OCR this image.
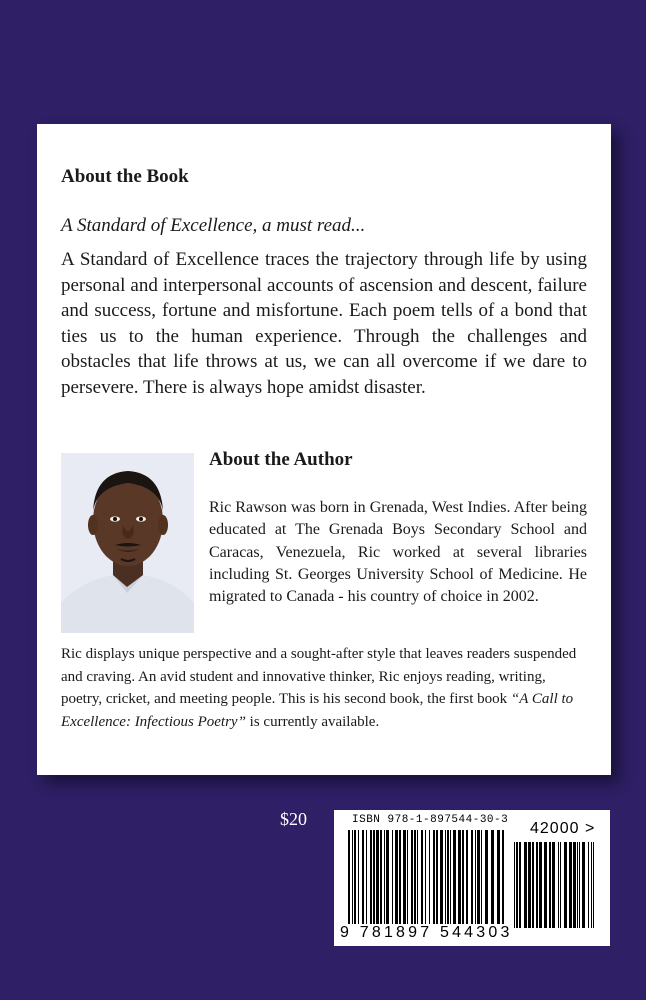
About the Book
A Standard of Excellence, a must read...
A Standard of Excellence traces the trajectory through life by using personal and interpersonal accounts of ascension and descent, failure and success, fortune and misfortune. Each poem tells of a bond that ties us to the human experience. Through the challenges and obstacles that life throws at us, we can all overcome if we dare to persevere. There is always hope amidst disaster.
About the Author
Ric Rawson was born in Grenada, West Indies. After being educated at The Grenada Boys Secondary School and Caracas, Venezuela, Ric worked at several libraries including St. Georges University School of Medicine. He migrated to Canada - his country of choice in 2002.
Ric displays unique perspective and a sought-after style that leaves readers suspended and craving. An avid student and innovative thinker, Ric enjoys reading, writing, poetry, cricket, and meeting people. This is his second book, the first book “A Call to Excellence: Infectious Poetry” is currently available.
$20	ISBN 978-1-897544-30-3 42000 >
9 781897 544303
